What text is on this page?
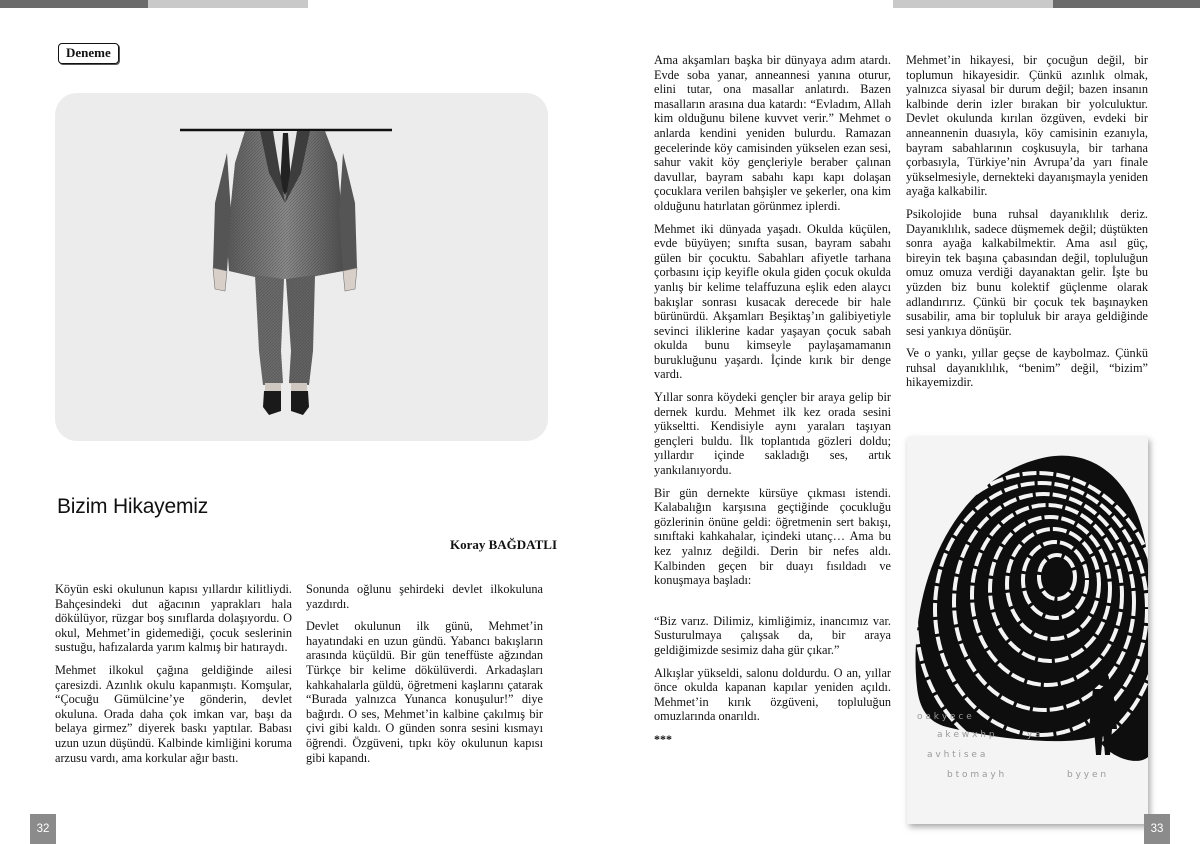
Deneme
Bizim Hikayemiz
Koray BAĞDATLI

Köyün eski okulunun kapısı yıllardır kilitliydi. Bahçesindeki dut ağacının yaprakları hala dökülüyor, rüzgar boş sınıflarda dolaşıyordu. O okul, Mehmet’in gidemediği, çocuk seslerinin sustuğu, hafızalarda yarım kalmış bir hatıraydı.

Mehmet ilkokul çağına geldiğinde ailesi çaresizdi. Azınlık okulu kapanmıştı. Komşular, “Çocuğu Gümülcine’ye gönderin, devlet okuluna. Orada daha çok imkan var, başı da belaya girmez” diyerek baskı yaptılar. Babası uzun uzun düşündü. Kalbinde kimliğini koruma arzusu vardı, ama korkular ağır bastı.

Sonunda oğlunu şehirdeki devlet ilkokuluna yazdırdı.

Devlet okulunun ilk günü, Mehmet’in hayatındaki en uzun gündü. Yabancı bakışların arasında küçüldü. Bir gün teneffüste ağzından Türkçe bir kelime dökülüverdi. Arkadaşları kahkahalarla güldü, öğretmeni kaşlarını çatarak “Burada yalnızca Yunanca konuşulur!” diye bağırdı. O ses, Mehmet’in kalbine çakılmış bir çivi gibi kaldı. O günden sonra sesini kısmayı öğrendi. Özgüveni, tıpkı köy okulunun kapısı gibi kapandı.

32

Ama akşamları başka bir dünyaya adım atardı. Evde soba yanar, anneannesi yanına oturur, elini tutar, ona masallar anlatırdı. Bazen masalların arasına dua katardı: “Evladım, Allah kim olduğunu bilene kuvvet verir.” Mehmet o anlarda kendini yeniden bulurdu. Ramazan gecelerinde köy camisinden yükselen ezan sesi, sahur vakit köy gençleriyle beraber çalınan davullar, bayram sabahı kapı kapı dolaşan çocuklara verilen bahşişler ve şekerler, ona kim olduğunu hatırlatan görünmez iplerdi.

Mehmet iki dünyada yaşadı. Okulda küçülen, evde büyüyen; sınıfta susan, bayram sabahı gülen bir çocuktu. Sabahları afiyetle tarhana çorbasını içip keyifle okula giden çocuk okulda yanlış bir kelime telaffuzuna eşlik eden alaycı bakışlar sonrası kusacak derecede bir hale bürünürdü. Akşamları Beşiktaş’ın galibiyetiyle sevinci iliklerine kadar yaşayan çocuk sabah okulda bunu kimseyle paylaşamamanın burukluğunu yaşardı. İçinde kırık bir denge vardı.

Yıllar sonra köydeki gençler bir araya gelip bir dernek kurdu. Mehmet ilk kez orada sesini yükseltti. Kendisiyle aynı yaraları taşıyan gençleri buldu. İlk toplantıda gözleri doldu; yıllardır içinde sakladığı ses, artık yankılanıyordu.

Bir gün dernekte kürsüye çıkması istendi. Kalabalığın karşısına geçtiğinde çocukluğu gözlerinin önüne geldi: öğretmenin sert bakışı, sınıftaki kahkahalar, içindeki utanç… Ama bu kez yalnız değildi. Derin bir nefes aldı. Kalbinden geçen bir duayı fısıldadı ve konuşmaya başladı:

“Biz varız. Dilimiz, kimliğimiz, inancımız var. Susturulmaya çalışsak da, bir araya geldiğimizde sesimiz daha gür çıkar.”

Alkışlar yükseldi, salonu doldurdu. O an, yıllar önce okulda kapanan kapılar yeniden açıldı. Mehmet’in kırık özgüveni, topluluğun omuzlarında onarıldı.

***

Mehmet’in hikayesi, bir çocuğun değil, bir toplumun hikayesidir. Çünkü azınlık olmak, yalnızca siyasal bir durum değil; bazen insanın kalbinde derin izler bırakan bir yolculuktur. Devlet okulunda kırılan özgüven, evdeki bir anneannenin duasıyla, köy camisinin ezanıyla, bayram sabahlarının coşkusuyla, bir tarhana çorbasıyla, Türkiye’nin Avrupa’da yarı finale yükselmesiyle, dernekteki dayanışmayla yeniden ayağa kalkabilir.

Psikolojide buna ruhsal dayanıklılık deriz. Dayanıklılık, sadece düşmemek değil; düştükten sonra ayağa kalkabilmektir. Ama asıl güç, bireyin tek başına çabasından değil, topluluğun omuz omuza verdiği dayanaktan gelir. İşte bu yüzden biz bunu kolektif güçlenme olarak adlandırırız. Çünkü bir çocuk tek başınayken susabilir, ama bir topluluk bir araya geldiğinde sesi yankıya dönüşür.

Ve o yankı, yıllar geçse de kaybolmaz. Çünkü ruhsal dayanıklılık, “benim” değil, “bizim” hikayemizdir.

o a k y e c e
a k e w x h p	y a
a v h t i s e a
b t o m a y h	b y y e n
33
